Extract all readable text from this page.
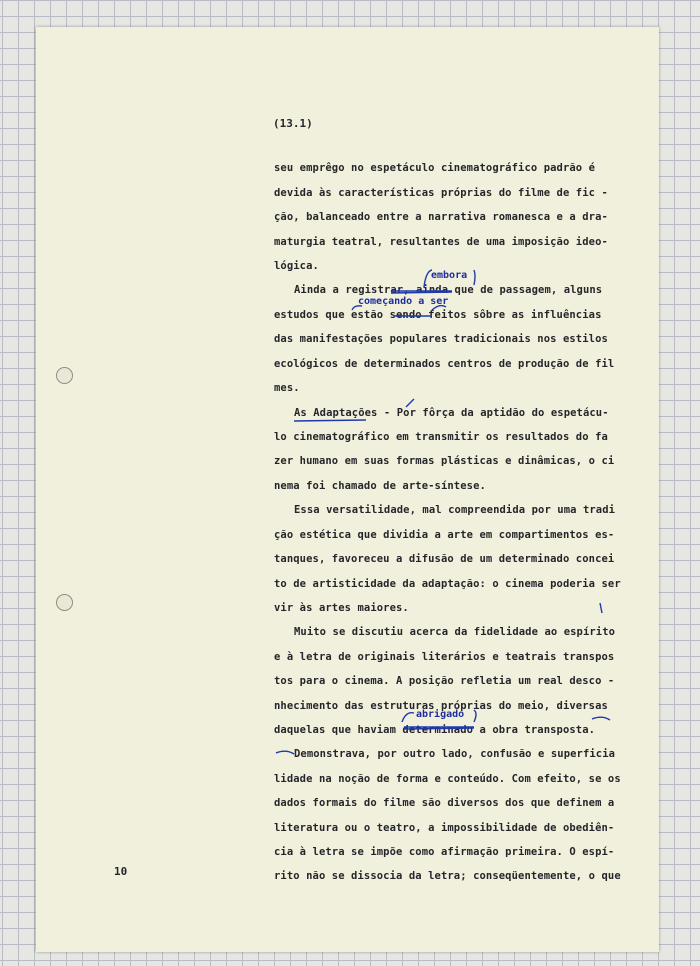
(13.1)
seu emprêgo no espetáculo cinematográfico padrão é
devida às características próprias do filme de fic -
ção, balanceado entre a narrativa romanesca e a dra-
maturgia teatral, resultantes de uma imposição ideo-
lógica.
Ainda a registrar, ainda que de passagem, alguns
estudos que estão sendo feitos sôbre as influências
das manifestações populares tradicionais nos estilos
ecológicos de determinados centros de produção de fil
mes.
As Adaptações - Por fôrça da aptidão do espetácu-
lo cinematográfico em transmitir os resultados do fa
zer humano em suas formas plásticas e dinâmicas, o ci
nema foi chamado de arte-síntese.
Essa versatilidade, mal compreendida por uma tradi
ção estética que dividia a arte em compartimentos es-
tanques, favoreceu a difusão de um determinado concei
to de artisticidade da adaptação: o cinema poderia ser
vir às artes maiores.
Muito se discutiu acerca da fidelidade ao espírito
e à letra de originais literários e teatrais transpos
tos para o cinema. A posição refletia um real desco -
nhecimento das estruturas próprias do meio, diversas
daquelas que haviam determinado a obra transposta.
Demonstrava, por outro lado, confusão e superficia
lidade na noção de forma e conteúdo. Com efeito, se os
dados formais do filme são diversos dos que definem a
literatura ou o teatro, a impossibilidade de obediên-
cia à letra se impõe como afirmação primeira. O espí-
rito não se dissocia da letra; conseqüentemente, o que
10
embora
começando a ser
abrigado
